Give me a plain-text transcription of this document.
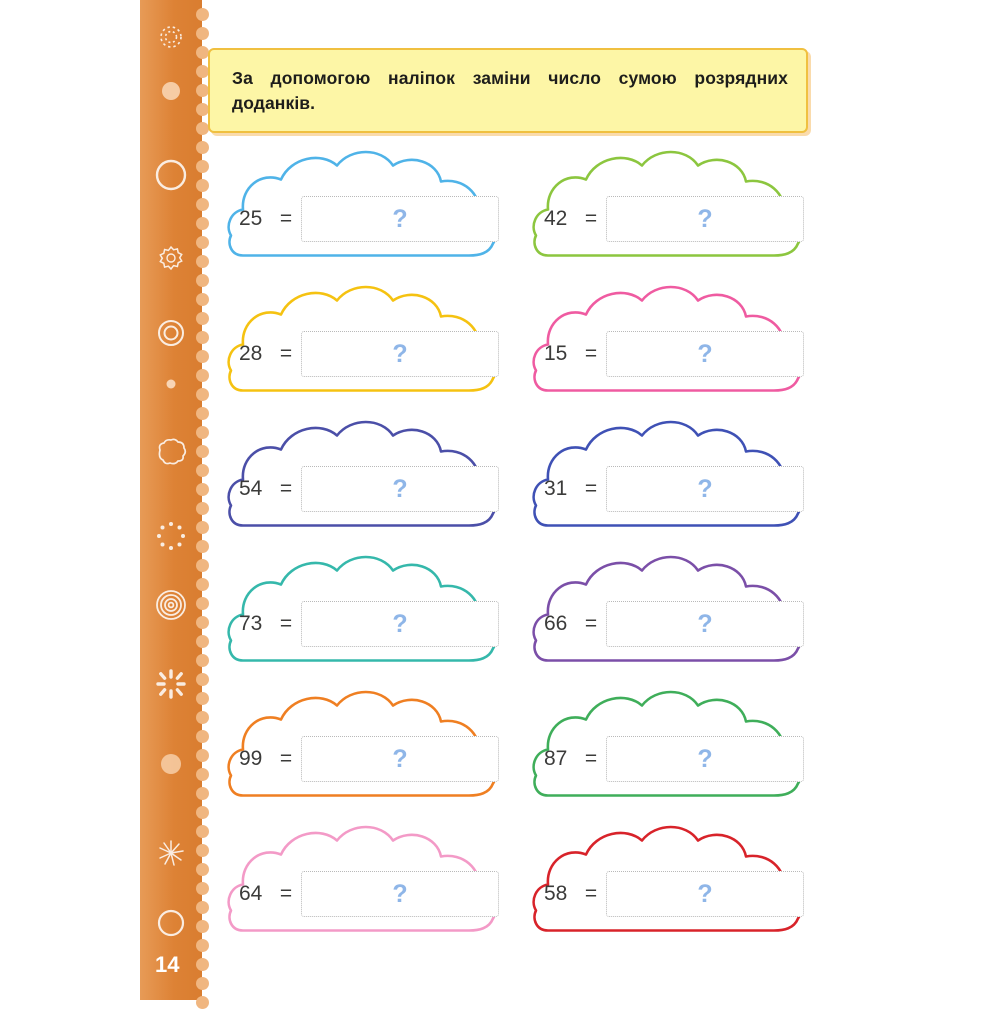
За допомогою наліпок заміни число сумою розрядних доданків.
25 =	?	42 =	?
28 =	?	15 =	?
54 =	?	31 =	?
73 =	?	66 =	?
99 =	?	87 =	?
64 =	?	58 =	?
14
